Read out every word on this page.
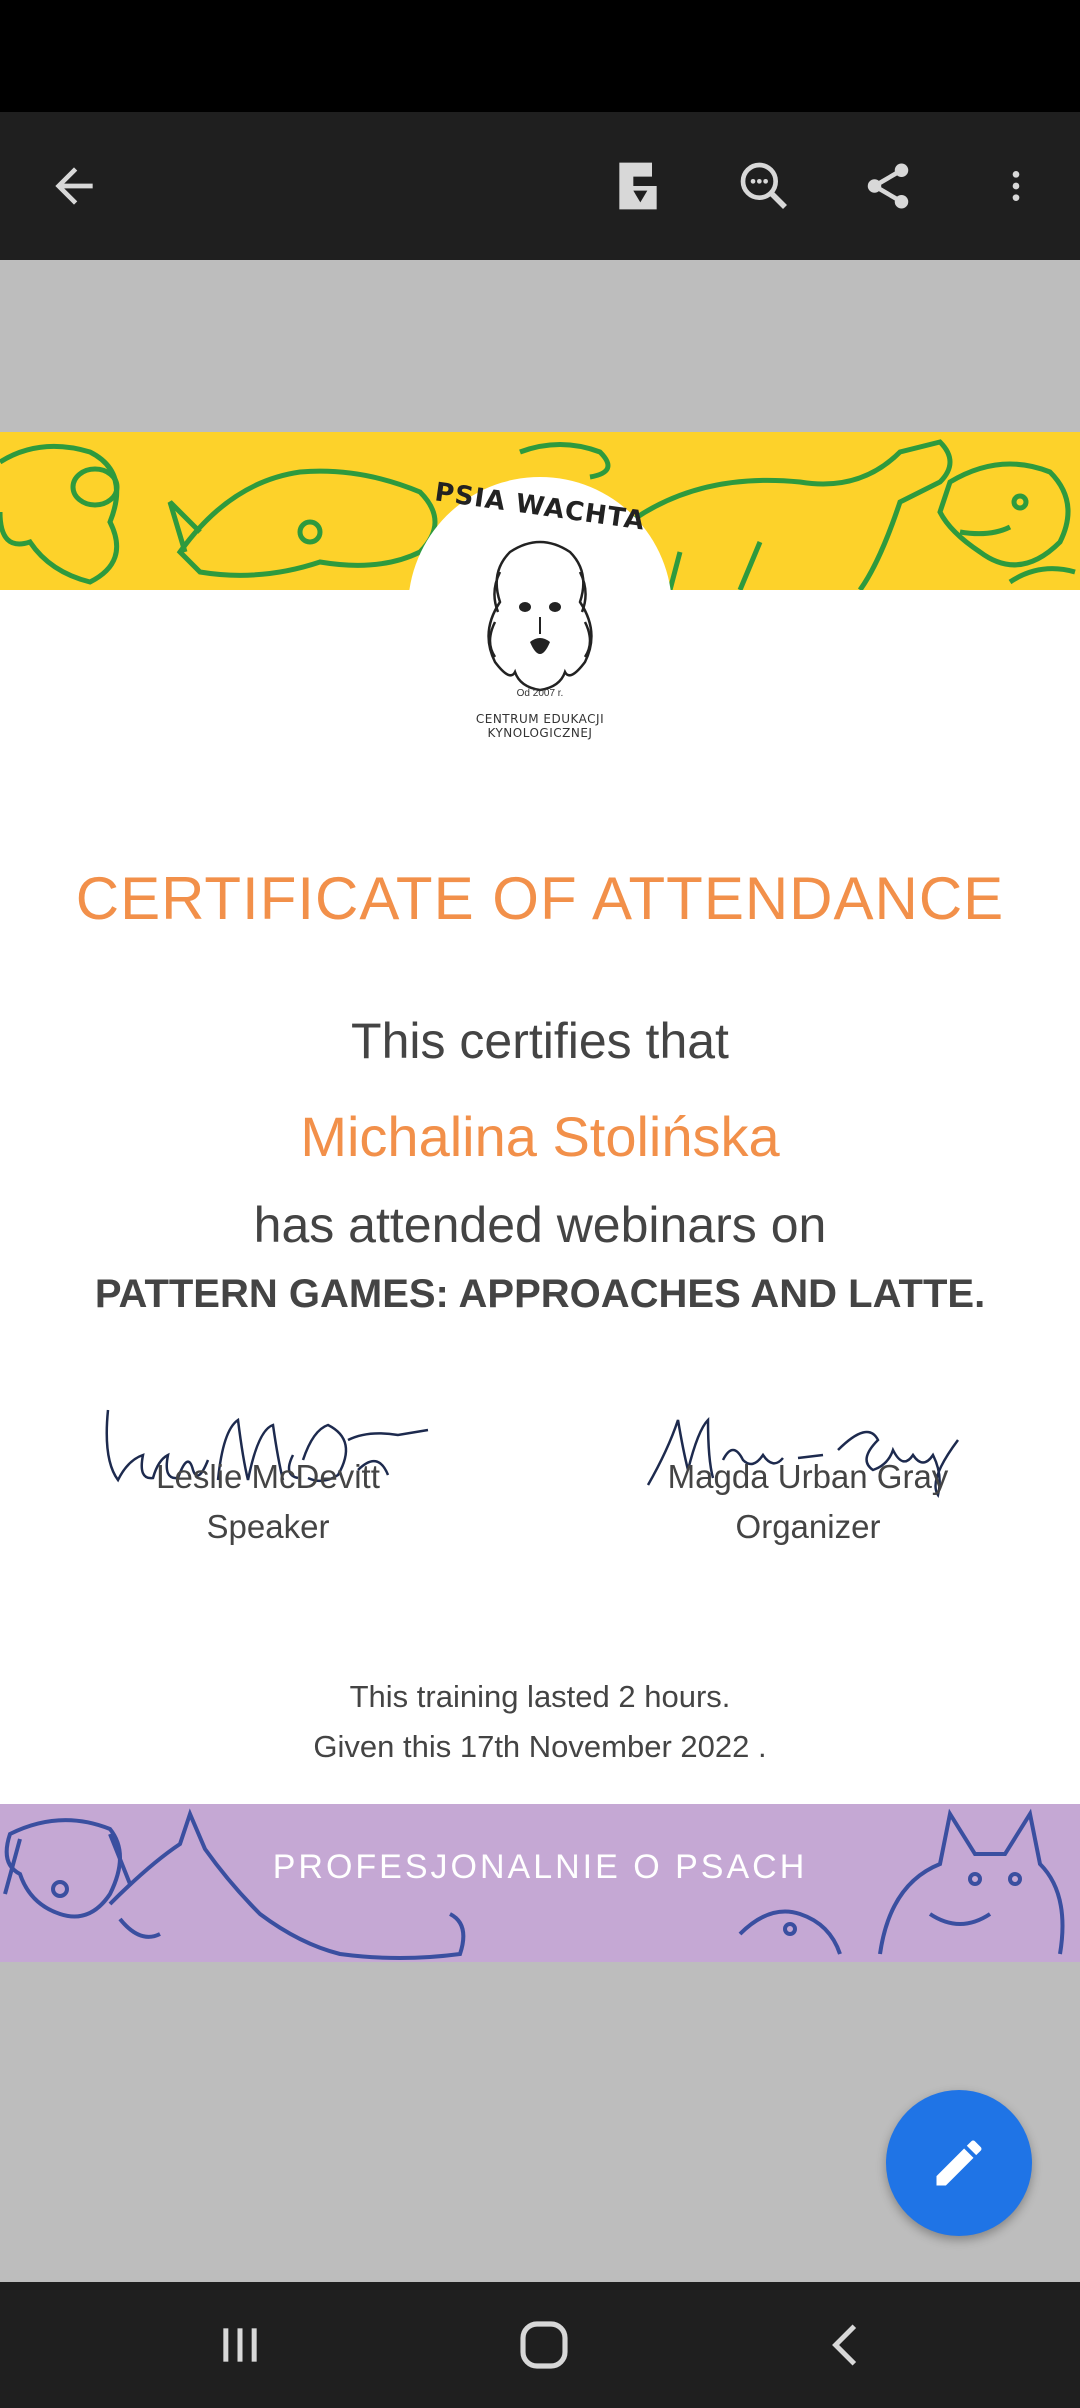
PSIA WACHTA
Od 2007 r.
CENTRUM EDUKACJI KYNOLOGICZNEJ
CERTIFICATE OF ATTENDANCE
This certifies that
Michalina Stolińska
has attended webinars on
PATTERN GAMES: APPROACHES AND LATTE.
Leslie McDevitt
Speaker
Magda Urban Gray
Organizer
This training lasted 2 hours.
Given this 17th November 2022 .
PROFESJONALNIE O PSACH
